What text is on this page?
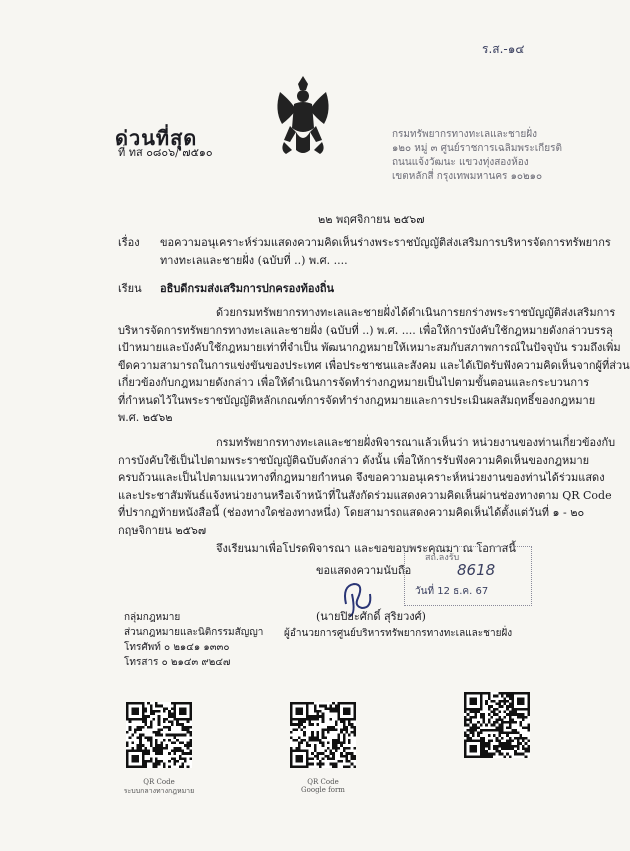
ร.ส.-๑๔
ด่วนที่สุด
ที่ ทส ๐๘๐๖/ ๗๕๑๐
กรมทรัพยากรทางทะเลและชายฝั่ง
๑๒๐ หมู่ ๓ ศูนย์ราชการเฉลิมพระเกียรติ
ถนนแจ้งวัฒนะ แขวงทุ่งสองห้อง
เขตหลักสี่ กรุงเทพมหานคร ๑๐๒๑๐
๒๒ พฤศจิกายน ๒๕๖๗
เรื่อง ขอความอนุเคราะห์ร่วมแสดงความคิดเห็นร่างพระราชบัญญัติส่งเสริมการบริหารจัดการทรัพยากร
ทางทะเลและชายฝั่ง (ฉบับที่ ..) พ.ศ. ....
เรียน อธิบดีกรมส่งเสริมการปกครองท้องถิ่น
ด้วยกรมทรัพยากรทางทะเลและชายฝั่งได้ดำเนินการยกร่างพระราชบัญญัติส่งเสริมการ
บริหารจัดการทรัพยากรทางทะเลและชายฝั่ง (ฉบับที่ ..) พ.ศ. .... เพื่อให้การบังคับใช้กฎหมายดังกล่าวบรรลุ
เป้าหมายและบังคับใช้กฎหมายเท่าที่จำเป็น พัฒนากฎหมายให้เหมาะสมกับสภาพการณ์ในปัจจุบัน รวมถึงเพิ่ม
ขีดความสามารถในการแข่งขันของประเทศ เพื่อประชาชนและสังคม และได้เปิดรับฟังความคิดเห็นจากผู้ที่ส่วน
เกี่ยวข้องกับกฎหมายดังกล่าว เพื่อให้ดำเนินการจัดทำร่างกฎหมายเป็นไปตามขั้นตอนและกระบวนการ
ที่กำหนดไว้ในพระราชบัญญัติหลักเกณฑ์การจัดทำร่างกฎหมายและการประเมินผลสัมฤทธิ์ของกฎหมาย
พ.ศ. ๒๕๖๒
กรมทรัพยากรทางทะเลและชายฝั่งพิจารณาแล้วเห็นว่า หน่วยงานของท่านเกี่ยวข้องกับ
การบังคับใช้เป็นไปตามพระราชบัญญัติฉบับดังกล่าว ดังนั้น เพื่อให้การรับฟังความคิดเห็นของกฎหมาย
ครบถ้วนและเป็นไปตามแนวทางที่กฎหมายกำหนด จึงขอความอนุเคราะห์หน่วยงานของท่านได้ร่วมแสดง
และประชาสัมพันธ์แจ้งหน่วยงานหรือเจ้าหน้าที่ในสังกัดร่วมแสดงความคิดเห็นผ่านช่องทางตาม QR Code
ที่ปรากฏท้ายหนังสือนี้ (ช่องทางใดช่องทางหนึ่ง) โดยสามารถแสดงความคิดเห็นได้ตั้งแต่วันที่ ๑ - ๒๐
กฤษจิกายน ๒๕๖๗
จึงเรียนมาเพื่อโปรดพิจารณา และขอขอบพระคุณมา ณ โอกาสนี้
ขอแสดงความนับถือ
สถ.ลงรับ
8618
วันที่ 12 ธ.ค. 67
(นายปิยะศักดิ์ สุริยวงศ์)
ผู้อำนวยการศูนย์บริหารทรัพยากรทางทะเลและชายฝั่ง
กลุ่มกฎหมาย
ส่วนกฎหมายและนิติกรรมสัญญา
โทรศัพท์ ๐ ๒๑๔๑ ๑๓๓๐
โทรสาร ๐ ๒๑๔๓ ๙๒๔๗
QR Code
ระบบกลางทางกฎหมาย
QR Code
Google form
